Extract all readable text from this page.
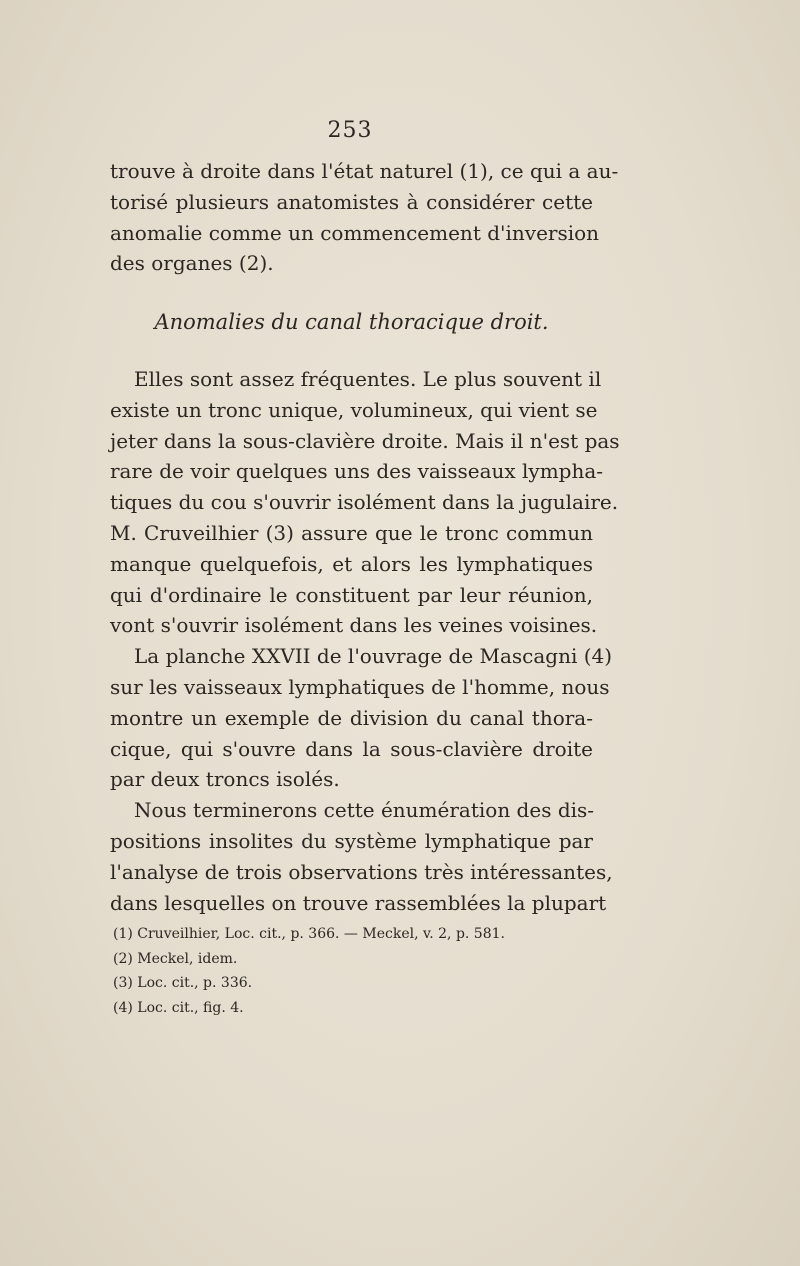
253
trouve à droite dans l'état naturel (1), ce qui a au-
torisé plusieurs anatomistes à considérer cette
anomalie comme un commencement d'inversion
des organes (2).
Anomalies du canal thoracique droit.
Elles sont assez fréquentes. Le plus souvent il
existe un tronc unique, volumineux, qui vient se
jeter dans la sous-clavière droite. Mais il n'est pas
rare de voir quelques uns des vaisseaux lympha-
tiques du cou s'ouvrir isolément dans la jugulaire.
M. Cruveilhier (3) assure que le tronc commun
manque quelquefois, et alors les lymphatiques
qui d'ordinaire le constituent par leur réunion,
vont s'ouvrir isolément dans les veines voisines.
La planche XXVII de l'ouvrage de Mascagni (4)
sur les vaisseaux lymphatiques de l'homme, nous
montre un exemple de division du canal thora-
cique, qui s'ouvre dans la sous-clavière droite
par deux troncs isolés.
Nous terminerons cette énumération des dis-
positions insolites du système lymphatique par
l'analyse de trois observations très intéressantes,
dans lesquelles on trouve rassemblées la plupart
(1) Cruveilhier, Loc. cit., p. 366. — Meckel, v. 2, p. 581.
(2) Meckel, idem.
(3) Loc. cit., p. 336.
(4) Loc. cit., fig. 4.
